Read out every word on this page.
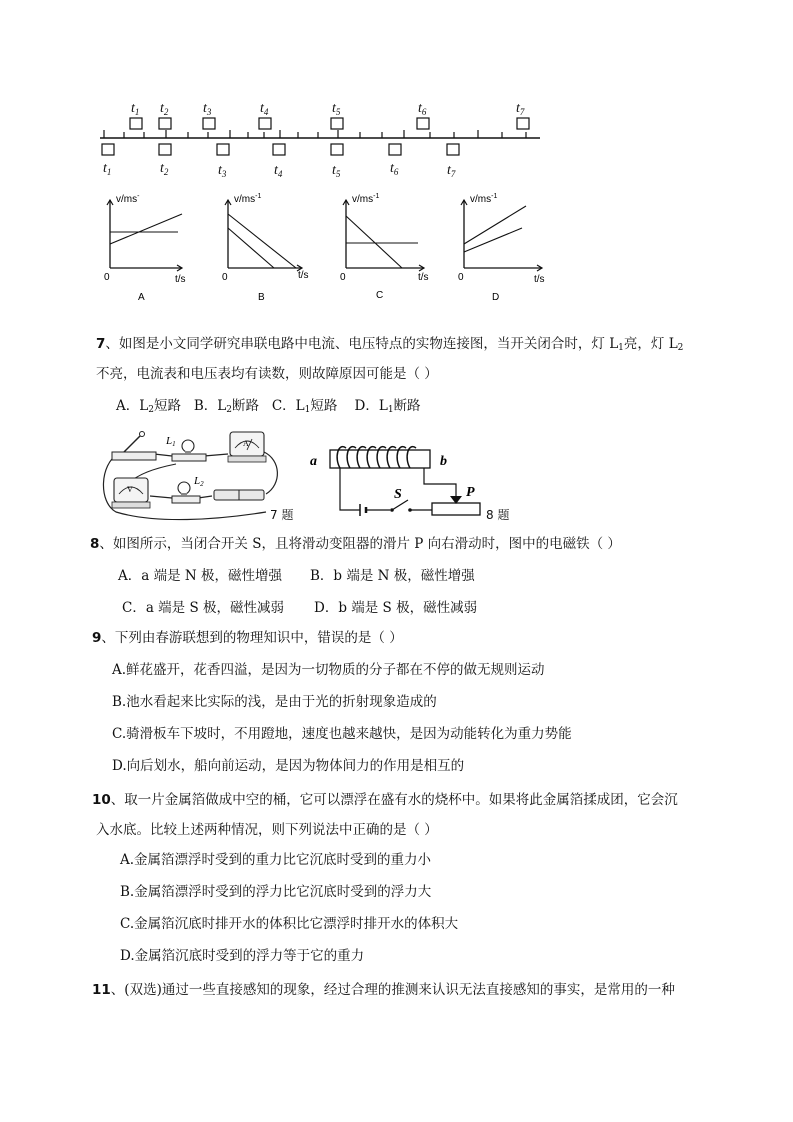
$t_1$ $t_2$ $t_3$	$t_4$	$t_5$	$t_6$	$t_7$
$t_1$	$t_2$	$t_3$	$t_4$	$t_5$	$t_6$	$t_7$
v/ms-
0	t/s
A
$v/ms^{-1}$
0	t/s
B
$v/ms^{-1}$
0	t/s
C
$v/ms^{-1}$
0	t/s
D
7、如图是小文同学研究串联电路中电流、电压特点的实物连接图，当开关闭合时，灯 $L_1$亮，灯 $L_2$
不亮，电流表和电压表均有读数，则故障原因可能是（ ）
A．$L_2$短路 B．$L_2$断路 C．$L_1$短路 D．$L_1$断路
L1	A
V
L2
7 题
a	b
S	P
8 题
8、如图所示，当闭合开关 S，且将滑动变阻器的滑片 P 向右滑动时，图中的电磁铁（ ）
A．a 端是 N 极，磁性增强 B．b 端是 N 极，磁性增强
C．a 端是 S 极，磁性减弱 D．b 端是 S 极，磁性减弱
9、下列由春游联想到的物理知识中，错误的是（ ）
A.鲜花盛开，花香四溢，是因为一切物质的分子都在不停的做无规则运动
B.池水看起来比实际的浅，是由于光的折射现象造成的
C.骑滑板车下坡时，不用蹬地，速度也越来越快，是因为动能转化为重力势能
D.向后划水，船向前运动，是因为物体间力的作用是相互的
10、取一片金属箔做成中空的桶，它可以漂浮在盛有水的烧杯中。如果将此金属箔揉成团，它会沉
入水底。比较上述两种情况，则下列说法中正确的是（ ）
A.金属箔漂浮时受到的重力比它沉底时受到的重力小
B.金属箔漂浮时受到的浮力比它沉底时受到的浮力大
C.金属箔沉底时排开水的体积比它漂浮时排开水的体积大
D.金属箔沉底时受到的浮力等于它的重力
11、(双选)通过一些直接感知的现象，经过合理的推测来认识无法直接感知的事实，是常用的一种
